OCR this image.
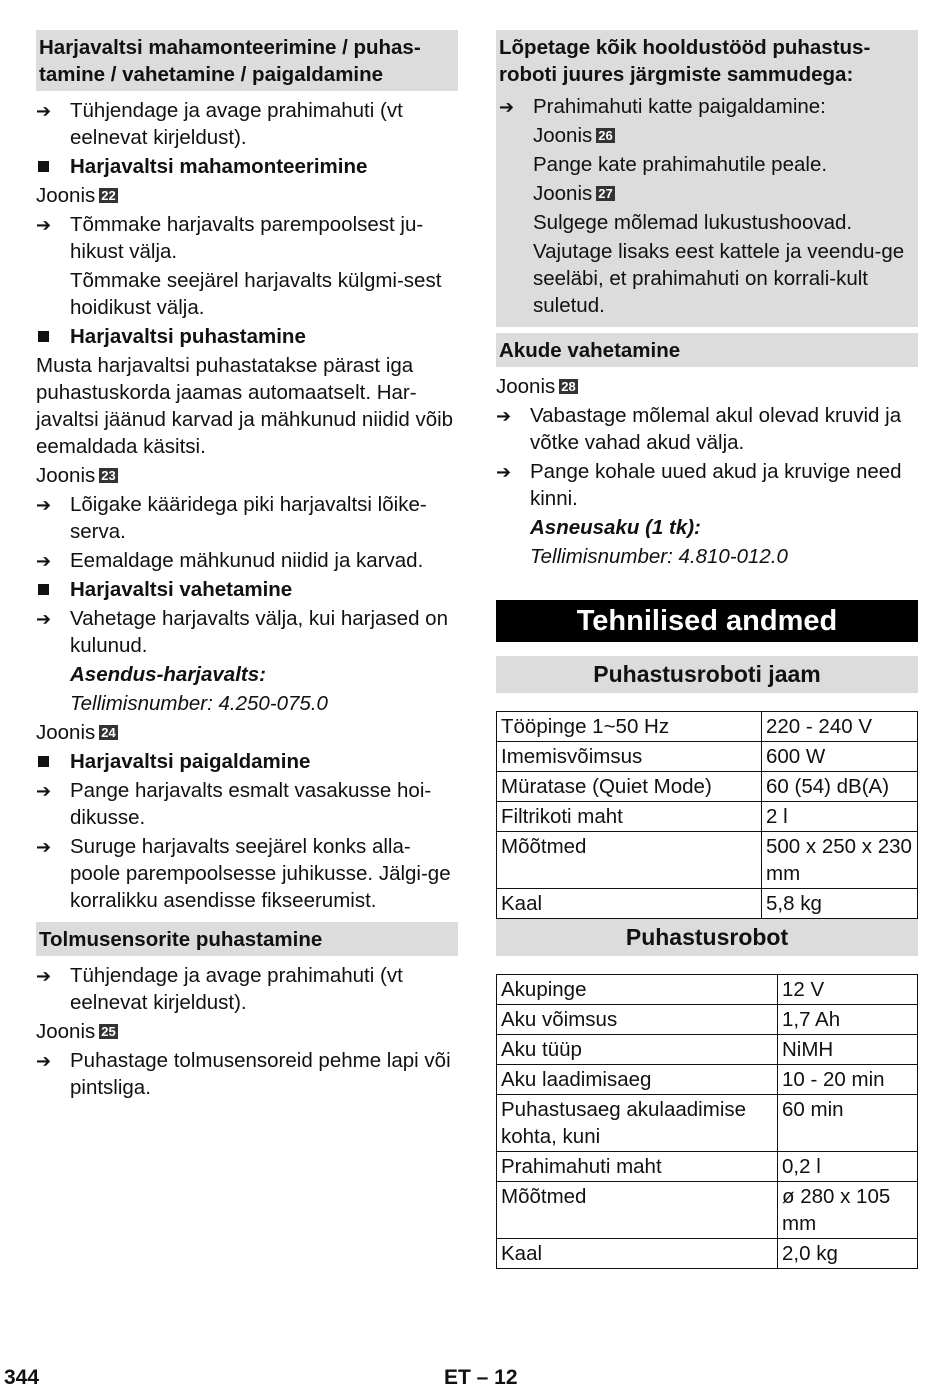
Harjavaltsi mahamonteerimine / puhas-tamine / vahetamine / paigaldamine
➔ Tühjendage ja avage prahimahuti (vt eelnevat kirjeldust).
Harjavaltsi mahamonteerimine
Joonis 22
➔ Tõmmake harjavalts parempoolsest ju-hikust välja.
Tõmmake seejärel harjavalts külgmi-sest hoidikust välja.
Harjavaltsi puhastamine
Musta harjavaltsi puhastatakse pärast iga puhastuskorda jaamas automaatselt. Har-javaltsi jäänud karvad ja mähkunud niidid võib eemaldada käsitsi.
Joonis 23
➔ Lõigake kääridega piki harjavaltsi lõike-serva.
➔ Eemaldage mähkunud niidid ja karvad.
Harjavaltsi vahetamine
➔ Vahetage harjavalts välja, kui harjased on kulunud.
Asendus-harjavalts:
Tellimisnumber: 4.250-075.0
Joonis 24
Harjavaltsi paigaldamine
➔ Pange harjavalts esmalt vasakusse hoi-dikusse.
➔ Suruge harjavalts seejärel konks alla-poole parempoolsesse juhikusse. Jälgi-ge korralikku asendisse fikseerumist.
Tolmusensorite puhastamine
➔ Tühjendage ja avage prahimahuti (vt eelnevat kirjeldust).
Joonis 25
➔ Puhastage tolmusensoreid pehme lapi või pintsliga.
Lõpetage kõik hooldustööd puhastus-roboti juures järgmiste sammudega:
➔ Prahimahuti katte paigaldamine:
Joonis 26
Pange kate prahimahutile peale.
Joonis 27
Sulgege mõlemad lukustushoovad.
Vajutage lisaks eest kattele ja veendu-ge seeläbi, et prahimahuti on korrali-kult suletud.
Akude vahetamine
Joonis 28
➔ Vabastage mõlemal akul olevad kruvid ja võtke vahad akud välja.
➔ Pange kohale uued akud ja kruvige need kinni.
Asneusaku (1 tk):
Tellimisnumber: 4.810-012.0
Tehnilised andmed
Puhastusroboti jaam
Tööpinge 1~50 Hz	220 - 240 V
Imemisvõimsus	600 W
Müratase (Quiet Mode)	60 (54) dB(A)
Filtrikoti maht	2 l
Mõõtmed	500 x 250 x 230 mm
Kaal	5,8 kg
Puhastusrobot
Akupinge	12 V
Aku võimsus	1,7 Ah
Aku tüüp	NiMH
Aku laadimisaeg	10 - 20 min
Puhastusaeg akulaadimise kohta, kuni	60 min
Prahimahuti maht	0,2 l
Mõõtmed	ø 280 x 105 mm
Kaal	2,0 kg
344	ET – 12
